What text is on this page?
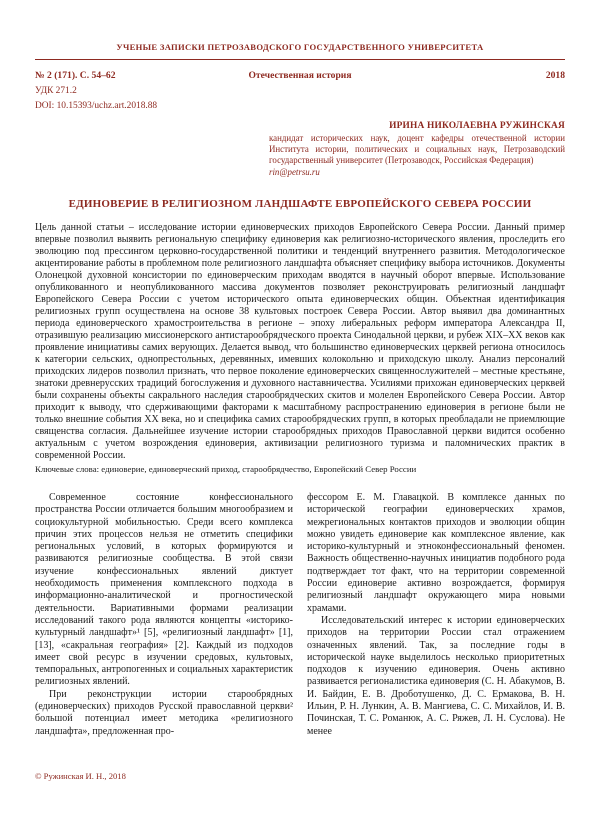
УЧЕНЫЕ ЗАПИСКИ ПЕТРОЗАВОДСКОГО ГОСУДАРСТВЕННОГО УНИВЕРСИТЕТА
№ 2 (171). С. 54–62	Отечественная история	2018
УДК 271.2
DOI: 10.15393/uchz.art.2018.88
ИРИНА НИКОЛАЕВНА РУЖИНСКАЯ
кандидат исторических наук, доцент кафедры отечественной истории Института истории, политических и социальных наук, Петрозаводский государственный университет (Петрозаводск, Российская Федерация)
rin@petrsu.ru
ЕДИНОВЕРИЕ В РЕЛИГИОЗНОМ ЛАНДШАФТЕ ЕВРОПЕЙСКОГО СЕВЕРА РОССИИ
Цель данной статьи – исследование истории единоверческих приходов Европейского Севера России. Данный пример впервые позволил выявить региональную специфику единоверия как религиозно-исторического явления, проследить его эволюцию под прессингом церковно-государственной политики и тенденций внутреннего развития. Методологическое акцентирование работы в проблемном поле религиозного ландшафта объясняет специфику выбора источников. Документы Олонецкой духовной консистории по единоверческим приходам вводятся в научный оборот впервые. Использование опубликованного и неопубликованного массива документов позволяет реконструировать религиозный ландшафт Европейского Севера России с учетом исторического опыта единоверческих общин. Объектная идентификация религиозных групп осуществлена на основе 38 культовых построек Севера России. Автор выявил два доминантных периода единоверческого храмостроительства в регионе – эпоху либеральных реформ императора Александра II, отразившую реализацию миссионерского антистарообрядческого проекта Синодальной церкви, и рубеж XIX–XX веков как проявление инициативы самих верующих. Делается вывод, что большинство единоверческих церквей региона относилось к категории сельских, однопрестольных, деревянных, имевших колокольню и приходскую школу. Анализ персоналий приходских лидеров позволил признать, что первое поколение единоверческих священнослужителей – местные крестьяне, знатоки древнерусских традиций богослужения и духовного наставничества. Усилиями прихожан единоверческих церквей были сохранены объекты сакрального наследия старообрядческих скитов и молелен Европейского Севера России. Автор приходит к выводу, что сдерживающими факторами к масштабному распространению единоверия в регионе были не только внешние события XX века, но и специфика самих старообрядческих групп, в которых преобладали не приемлющие священства согласия. Дальнейшее изучение истории старообрядных приходов Православной церкви видится особенно актуальным с учетом возрождения единоверия, активизации религиозного туризма и паломнических практик в современной России.
Ключевые слова: единоверие, единоверческий приход, старообрядчество, Европейский Север России

Современное состояние конфессионального пространства России отличается большим многообразием и социокультурной мобильностью. Среди всего комплекса причин этих процессов нельзя не отметить специфики региональных условий, в которых формируются и развиваются религиозные сообщества. В этой связи изучение конфессиональных явлений диктует необходимость применения комплексного подхода в информационно-аналитической и прогностической деятельности. Вариативными формами реализации исследований такого рода являются концепты «историко-культурный ландшафт»¹ [5], «религиозный ландшафт» [1], [13], «сакральная география» [2]. Каждый из подходов имеет свой ресурс в изучении средовых, культовых, темпоральных, антропогенных и социальных характеристик религиозных явлений.

При реконструкции истории старообрядных (единоверческих) приходов Русской православной церкви² большой потенциал имеет методика «религиозного ландшафта», предложенная про-

фессором Е. М. Главацкой. В комплексе данных по исторической географии единоверческих храмов, межрегиональных контактов приходов и эволюции общин можно увидеть единоверие как комплексное явление, как историко-культурный и этноконфессиональный феномен. Важность общественно-научных инициатив подобного рода подтверждает тот факт, что на территории современной России единоверие активно возрождается, формируя религиозный ландшафт окружающего мира новыми храмами.

Исследовательский интерес к истории единоверческих приходов на территории России стал отражением означенных явлений. Так, за последние годы в исторической науке выделилось несколько приоритетных подходов к изучению единоверия. Очень активно развивается регионалистика единоверия (С. Н. Абакумов, В. И. Байдин, Е. В. Дроботушенко, Д. С. Ермакова, В. Н. Ильин, Р. Н. Лункин, А. В. Мангиева, С. С. Михайлов, И. В. Починская, Т. С. Романюк, А. С. Ряжев, Л. Н. Суслова). Не менее

© Ружинская И. Н., 2018
